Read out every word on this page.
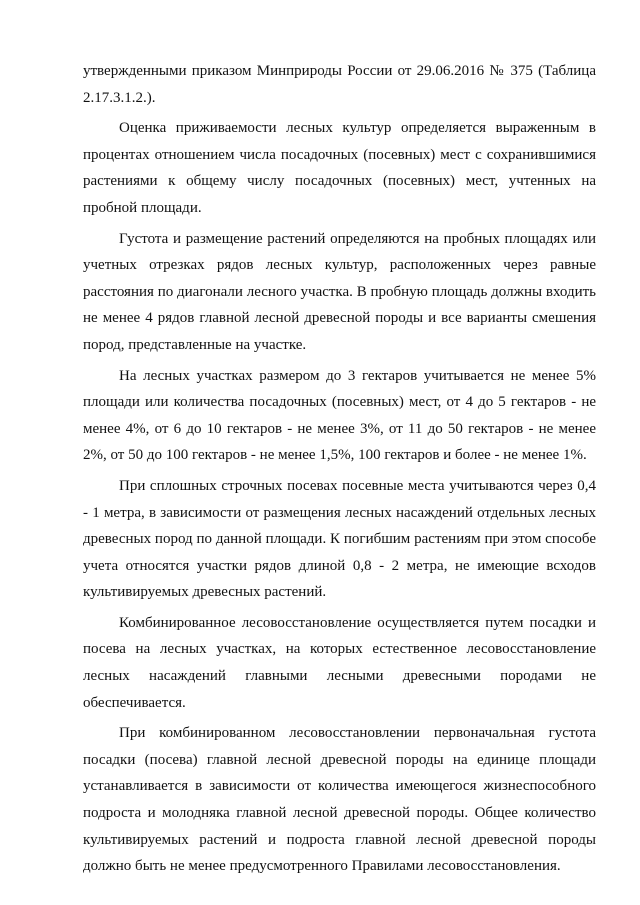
утвержденными приказом Минприроды России от 29.06.2016 № 375 (Таблица 2.17.3.1.2.).

Оценка приживаемости лесных культур определяется выраженным в процентах отношением числа посадочных (посевных) мест с сохранившимися растениями к общему числу посадочных (посевных) мест, учтенных на пробной площади.

Густота и размещение растений определяются на пробных площадях или учетных отрезках рядов лесных культур, расположенных через равные расстояния по диагонали лесного участка. В пробную площадь должны входить не менее 4 рядов главной лесной древесной породы и все варианты смешения пород, представленные на участке.

На лесных участках размером до 3 гектаров учитывается не менее 5% площади или количества посадочных (посевных) мест, от 4 до 5 гектаров - не менее 4%, от 6 до 10 гектаров - не менее 3%, от 11 до 50 гектаров - не менее 2%, от 50 до 100 гектаров - не менее 1,5%, 100 гектаров и более - не менее 1%.

При сплошных строчных посевах посевные места учитываются через 0,4 - 1 метра, в зависимости от размещения лесных насаждений отдельных лесных древесных пород по данной площади. К погибшим растениям при этом способе учета относятся участки рядов длиной 0,8 - 2 метра, не имеющие всходов культивируемых древесных растений.

Комбинированное лесовосстановление осуществляется путем посадки и посева на лесных участках, на которых естественное лесовосстановление лесных насаждений главными лесными древесными породами не обеспечивается.

При комбинированном лесовосстановлении первоначальная густота посадки (посева) главной лесной древесной породы на единице площади устанавливается в зависимости от количества имеющегося жизнеспособного подроста и молодняка главной лесной древесной породы. Общее количество культивируемых растений и подроста главной лесной древесной породы должно быть не менее предусмотренного Правилами лесовосстановления.
